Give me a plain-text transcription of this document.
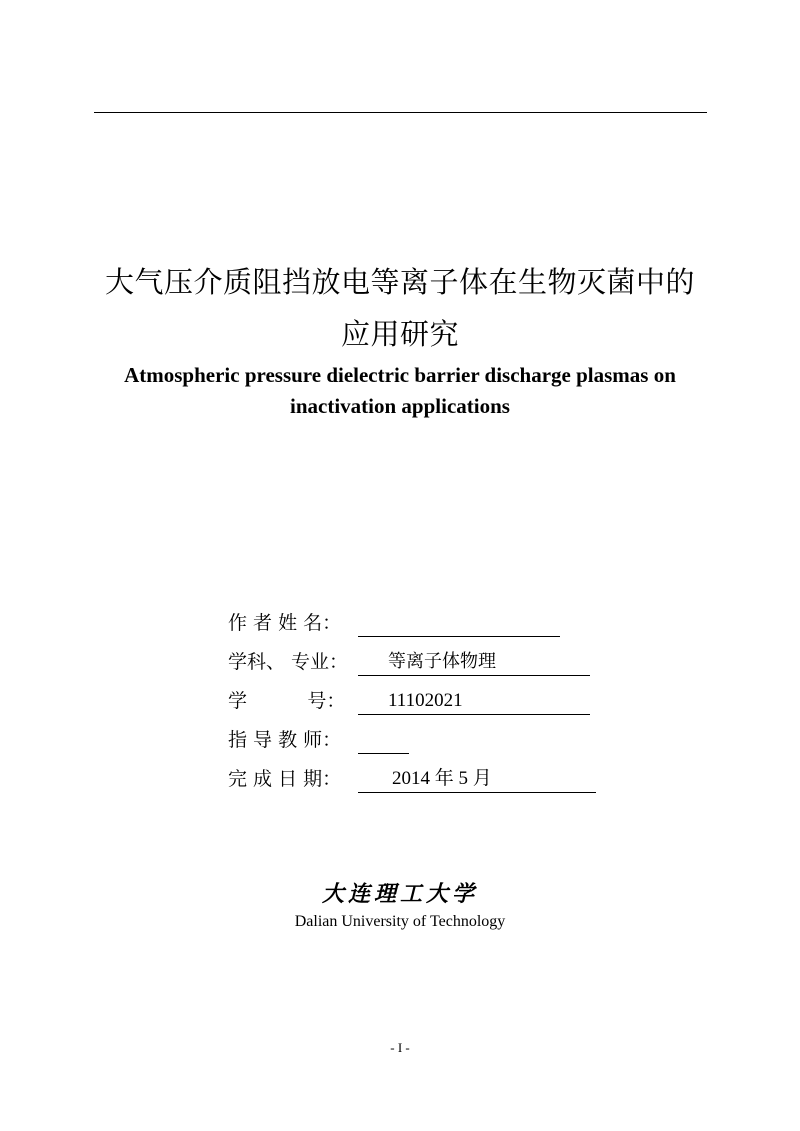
大气压介质阻挡放电等离子体在生物灭菌中的
应用研究
Atmospheric pressure dielectric barrier discharge plasmas on
inactivation applications
作 者 姓 名：
学科、 专业：	等离子体物理
学          号：	11102021
指 导 教 师：
完 成 日 期：	2014 年 5 月
大连理工大学
Dalian University of Technology
- I -
